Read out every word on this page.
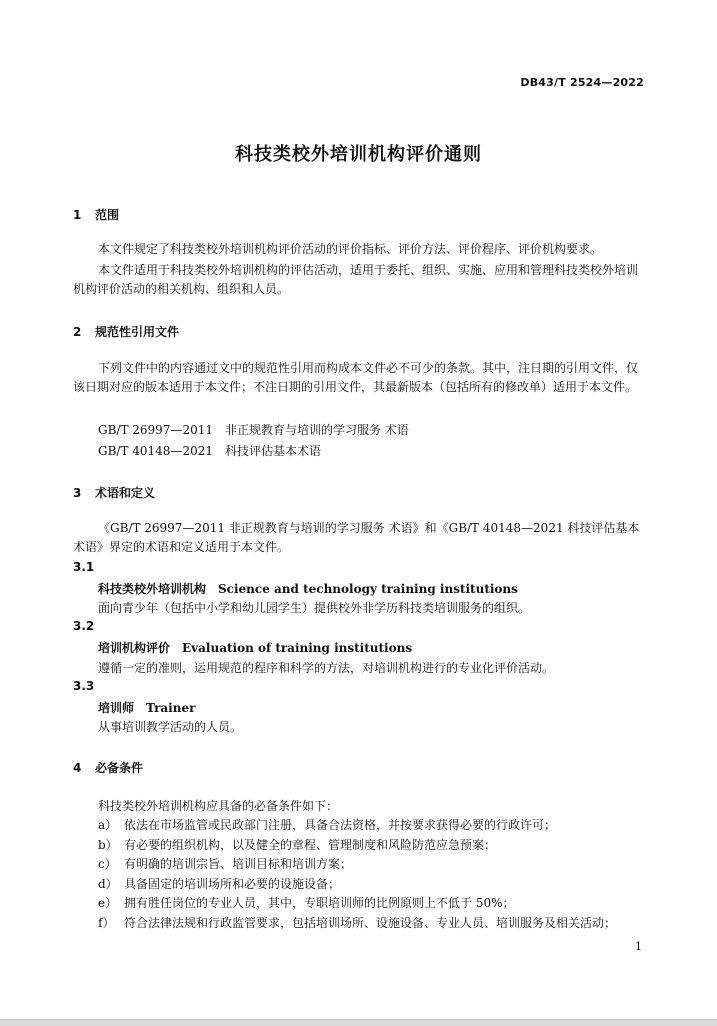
DB43/T 2524—2022
科技类校外培训机构评价通则
1 范围
本文件规定了科技类校外培训机构评价活动的评价指标、评价方法、评价程序、评价机构要求。
本文件适用于科技类校外培训机构的评估活动，适用于委托、组织、实施、应用和管理科技类校外培训机构评价活动的相关机构、组织和人员。
2 规范性引用文件
下列文件中的内容通过文中的规范性引用而构成本文件必不可少的条款。其中，注日期的引用文件，仅该日期对应的版本适用于本文件；不注日期的引用文件，其最新版本（包括所有的修改单）适用于本文件。
GB/T 26997—2011　非正规教育与培训的学习服务 术语
GB/T 40148—2021　科技评估基本术语
3 术语和定义
《GB/T 26997—2011 非正规教育与培训的学习服务 术语》和《GB/T 40148—2021 科技评估基本术语》界定的术语和定义适用于本文件。
3.1
科技类校外培训机构 Science and technology training institutions
面向青少年（包括中小学和幼儿园学生）提供校外非学历科技类培训服务的组织。
3.2
培训机构评价 Evaluation of training institutions
遵循一定的准则，运用规范的程序和科学的方法，对培训机构进行的专业化评价活动。
3.3
培训师 Trainer
从事培训教学活动的人员。
4 必备条件
科技类校外培训机构应具备的必备条件如下：
a） 依法在市场监管或民政部门注册，具备合法资格，并按要求获得必要的行政许可；
b） 有必要的组织机构，以及健全的章程、管理制度和风险防范应急预案；
c） 有明确的培训宗旨、培训目标和培训方案；
d） 具备固定的培训场所和必要的设施设备；
e） 拥有胜任岗位的专业人员，其中，专职培训师的比例原则上不低于 50%；
f） 符合法律法规和行政监管要求，包括培训场所、设施设备、专业人员、培训服务及相关活动；
1
